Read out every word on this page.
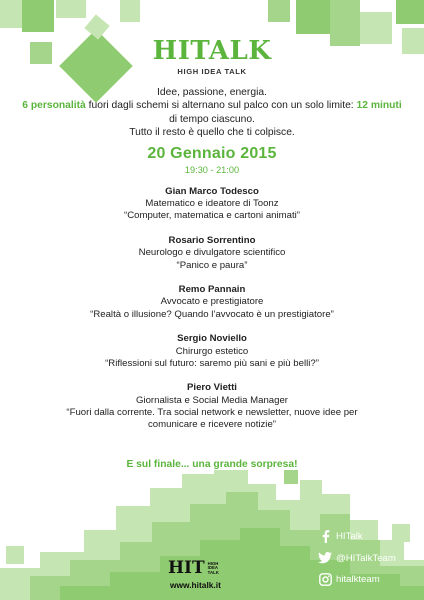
HITALK
HIGH IDEA TALK
Idee, passione, energia.
6 personalità fuori dagli schemi si alternano sul palco con un solo limite: 12 minuti di tempo ciascuno.
Tutto il resto è quello che ti colpisce.
20 Gennaio 2015
19:30 - 21:00
Gian Marco Todesco
Matematico e ideatore di Toonz
“Computer, matematica e cartoni animati”
Rosario Sorrentino
Neurologo e divulgatore scientifico
“Panico e paura”
Remo Pannain
Avvocato e prestigiatore
“Realtà o illusione? Quando l’avvocato è un prestigiatore”
Sergio Noviello
Chirurgo estetico
“Riflessioni sul futuro: saremo più sani e più belli?”
Piero Vietti
Giornalista e Social Media Manager
“Fuori dalla corrente. Tra social network e newsletter, nuove idee per comunicare e ricevere notizie”
E sul finale... una grande sorpresa!
HIT HIGH
IDEA
TALK
www.hitalk.it
HITalk
@HITalkTeam
hitalkteam
